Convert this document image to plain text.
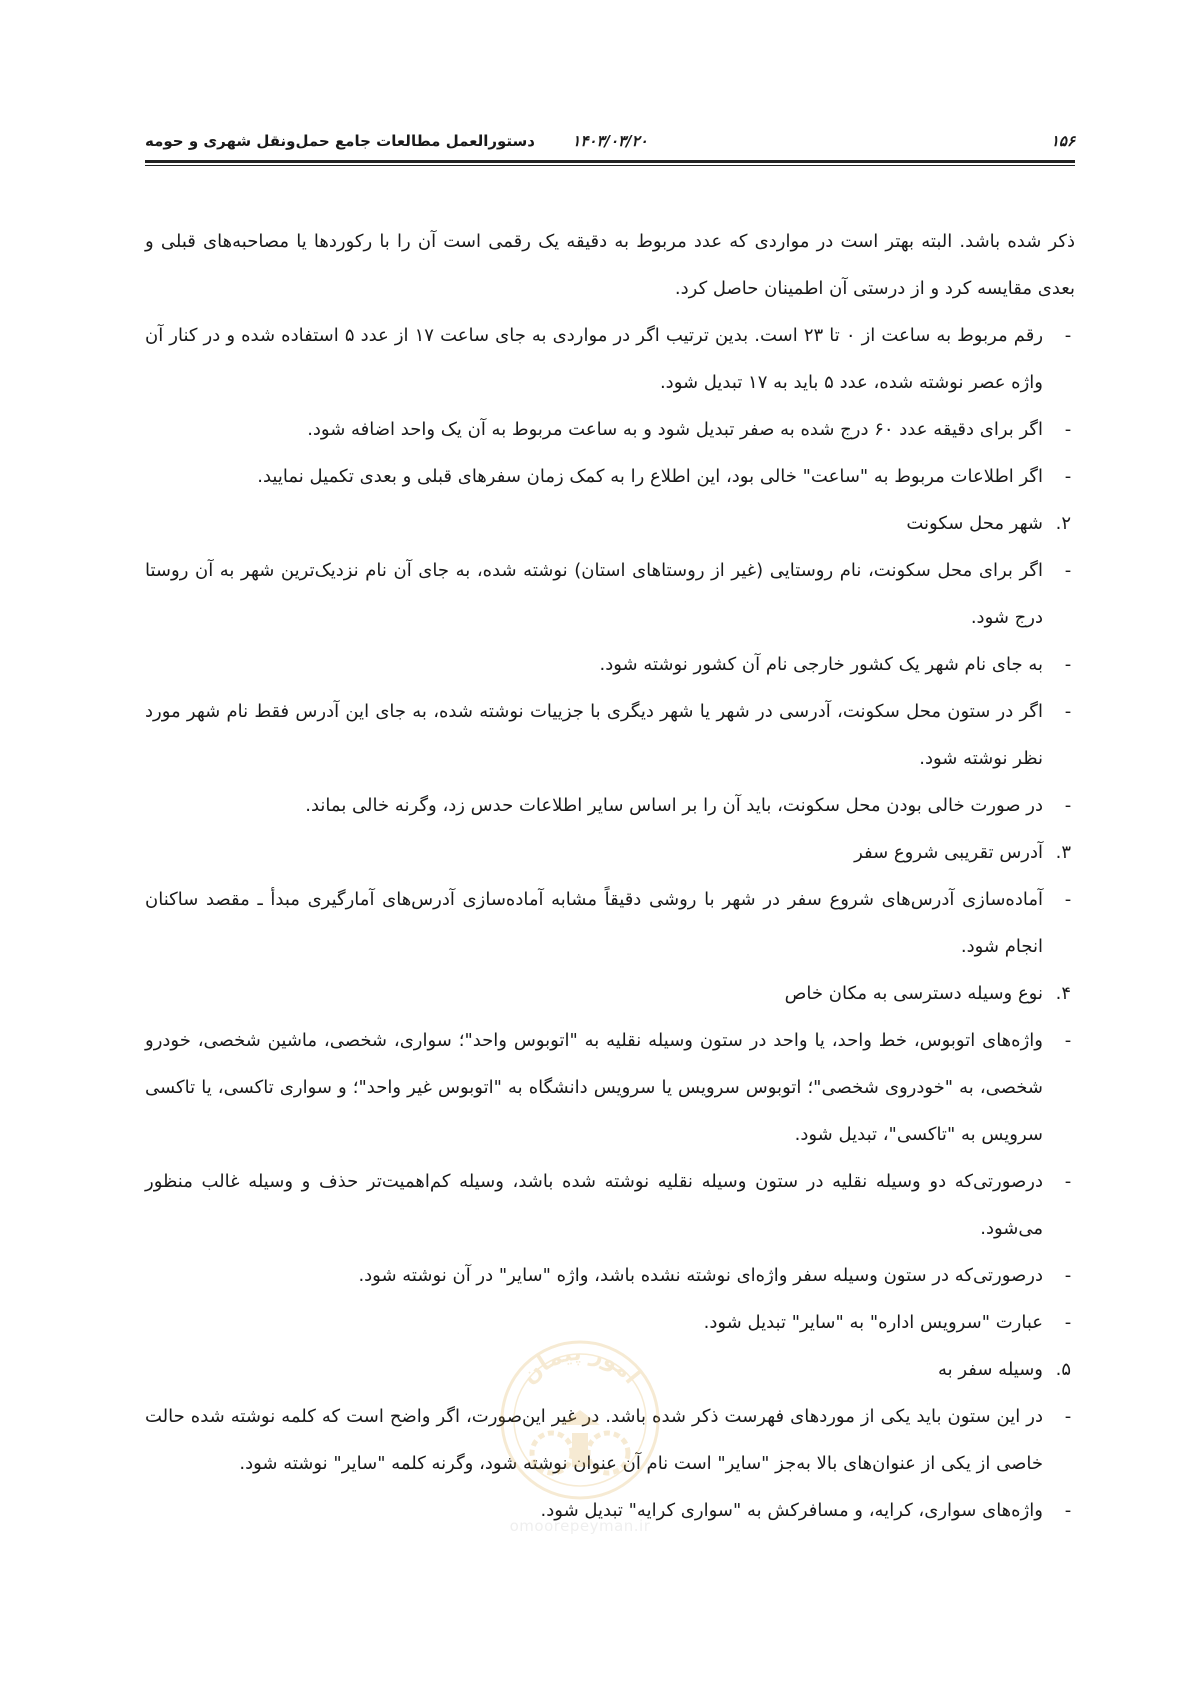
۱۵۶
۱۴۰۳/۰۳/۲۰
دستورالعمل مطالعات جامع حمل‌ونقل شهری و حومه

ذکر شده باشد. البته بهتر است در مواردی که عدد مربوط به دقیقه یک رقمی است آن را با رکوردها یا مصاحبه‌های قبلی و بعدی مقایسه کرد و از درستی آن اطمینان حاصل کرد.

-
رقم مربوط به ساعت از ۰ تا ۲۳ است. بدین ترتیب اگر در مواردی به جای ساعت ۱۷ از عدد ۵ استفاده شده و در کنار آن واژه عصر نوشته شده، عدد ۵ باید به ۱۷ تبدیل شود.
-
اگر برای دقیقه عدد ۶۰ درج شده به صفر تبدیل شود و به ساعت مربوط به آن یک واحد اضافه شود.
-
اگر اطلاعات مربوط به "ساعت" خالی بود، این اطلاع را به کمک زمان سفرهای قبلی و بعدی تکمیل نمایید.
۲.
شهر محل سکونت
-
اگر برای محل سکونت، نام روستایی (غیر از روستاهای استان) نوشته شده، به جای آن نام نزدیک‌ترین شهر به آن روستا درج شود.
-
به جای نام شهر یک کشور خارجی نام آن کشور نوشته شود.
-
اگر در ستون محل سکونت، آدرسی در شهر یا شهر دیگری با جزییات نوشته شده، به جای این آدرس فقط نام شهر مورد نظر نوشته شود.
-
در صورت خالی بودن محل سکونت، باید آن را بر اساس سایر اطلاعات حدس زد، وگرنه خالی بماند.
۳.
آدرس تقریبی شروع سفر
-
آماده‌سازی آدرس‌های شروع سفر در شهر با روشی دقیقاً مشابه آماده‌سازی آدرس‌های آمارگیری مبدأ ـ مقصد ساکنان انجام شود.
۴.
نوع وسیله دسترسی به مکان خاص
-
واژه‌های اتوبوس، خط واحد، یا واحد در ستون وسیله نقلیه به "اتوبوس واحد"؛ سواری، شخصی، ماشین شخصی، خودرو شخصی، به "خودروی شخصی"؛ اتوبوس سرویس یا سرویس دانشگاه به "اتوبوس غیر واحد"؛ و سواری تاکسی، یا تاکسی سرویس به "تاکسی"، تبدیل شود.
-
درصورتی‌که دو وسیله نقلیه در ستون وسیله نقلیه نوشته شده باشد، وسیله کم‌اهمیت‌تر حذف و وسیله غالب منظور می‌شود.
-
درصورتی‌که در ستون وسیله سفر واژه‌ای نوشته نشده باشد، واژه "سایر" در آن نوشته شود.
-
عبارت "سرویس اداره" به "سایر" تبدیل شود.
۵.
وسیله سفر به
-
در این ستون باید یکی از موردهای فهرست ذکر شده باشد. در غیر این‌صورت، اگر واضح است که کلمه نوشته شده حالت خاصی از یکی از عنوان‌های بالا به‌جز "سایر" است نام آن عنوان نوشته شود، وگرنه کلمه "سایر" نوشته شود.
-
واژه‌های سواری، کرایه، و مسافرکش به "سواری کرایه" تبدیل شود.
امور پیمان
omoorepeyman.ir
